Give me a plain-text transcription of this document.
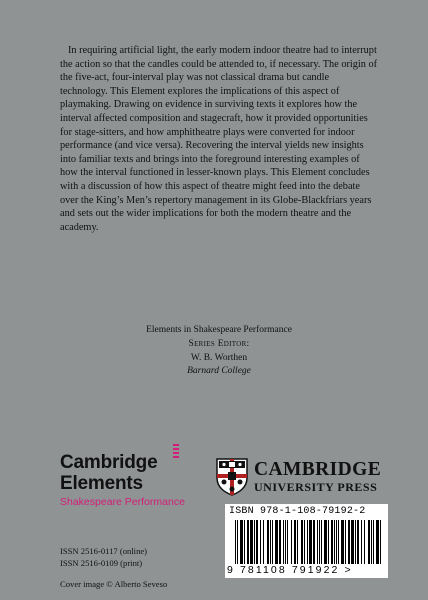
In requiring artificial light, the early modern indoor theatre had to interrupt the action so that the candles could be attended to, if necessary. The origin of the five-act, four-interval play was not classical drama but candle technology. This Element explores the implications of this aspect of playmaking. Drawing on evidence in surviving texts it explores how the interval affected composition and stagecraft, how it provided opportunities for stage-sitters, and how amphitheatre plays were converted for indoor performance (and vice versa). Recovering the interval yields new insights into familiar texts and brings into the foreground interesting examples of how the interval functioned in lesser-known plays. This Element concludes with a discussion of how this aspect of theatre might feed into the debate over the King’s Men’s repertory management in its Globe-Blackfriars years and sets out the wider implications for both the modern theatre and the academy.

Elements in Shakespeare Performance
Series Editor:
W. B. Worthen
Barnard College
Cambridge
Elements
Shakespeare Performance
ISSN 2516-0117 (online)
ISSN 2516-0109 (print)
Cover image © Alberto Seveso
CAMBRIDGE
UNIVERSITY PRESS
ISBN 978-1-108-79192-2
9 781108 791922 >
